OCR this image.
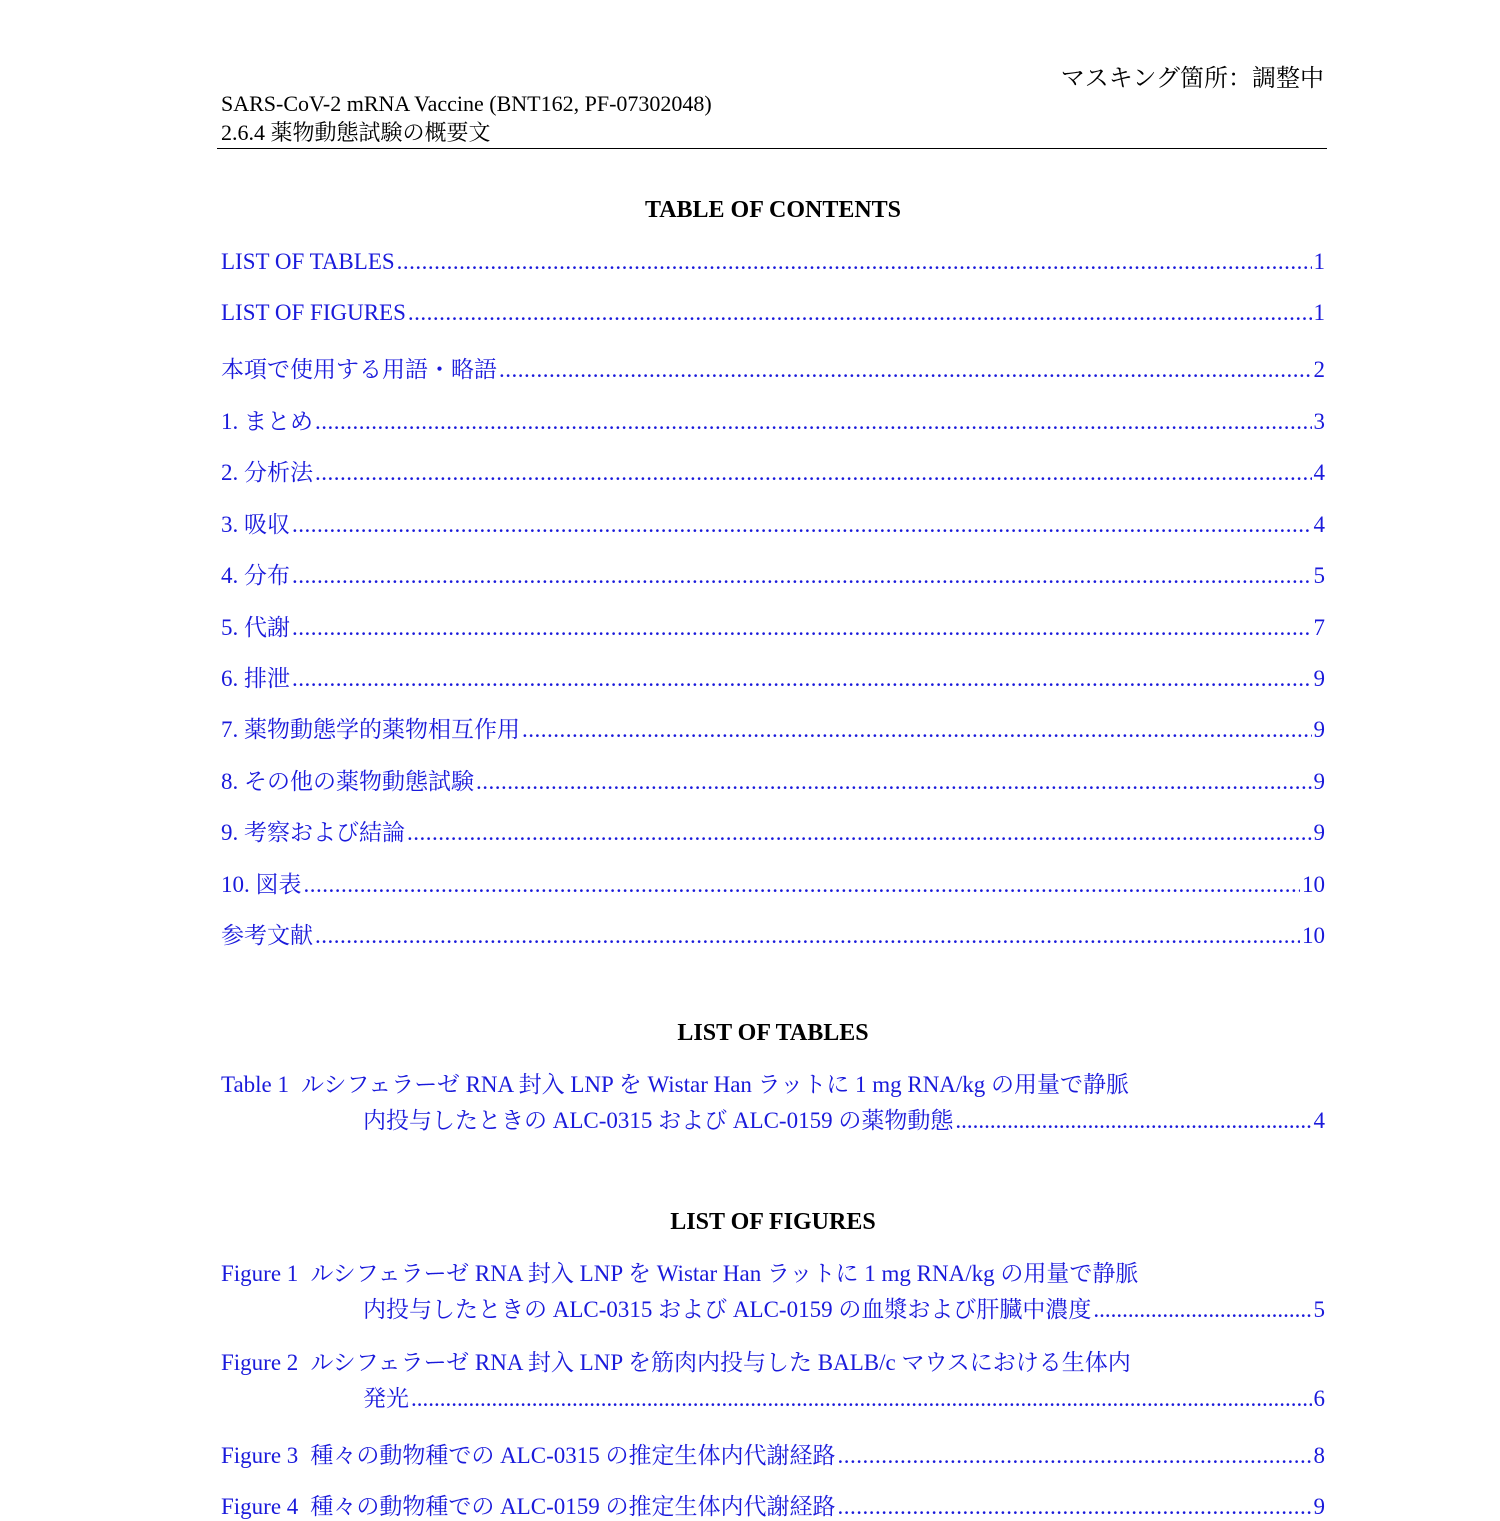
マスキング箇所：調整中
SARS-CoV-2 mRNA Vaccine (BNT162, PF-07302048)
2.6.4 薬物動態試験の概要文
TABLE OF CONTENTS
LIST OF TABLES .....	1
LIST OF FIGURES .....	1
本項で使用する用語・略語 .....	2
1. まとめ .....	3
2. 分析法 .....	4
3. 吸収 .....	4
4. 分布 .....	5
5. 代謝 .....	7
6. 排泄 .....	9
7. 薬物動態学的薬物相互作用 .....	9
8. その他の薬物動態試験 .....	9
9. 考察および結論 .....	9
10. 図表 .....	10
参考文献 .....	10
LIST OF TABLES
Table 1 ルシフェラーゼ RNA 封入 LNP を Wistar Han ラットに 1 mg RNA/kg の用量で静脈
内投与したときの ALC-0315 および ALC-0159 の薬物動態 .....	4
LIST OF FIGURES
Figure 1 ルシフェラーゼ RNA 封入 LNP を Wistar Han ラットに 1 mg RNA/kg の用量で静脈
内投与したときの ALC-0315 および ALC-0159 の血漿および肝臓中濃度 .....	5
Figure 2 ルシフェラーゼ RNA 封入 LNP を筋肉内投与した BALB/c マウスにおける生体内
発光 .....	6
Figure 3 種々の動物種での ALC-0315 の推定生体内代謝経路 .....	8
Figure 4 種々の動物種での ALC-0159 の推定生体内代謝経路 .....	9
